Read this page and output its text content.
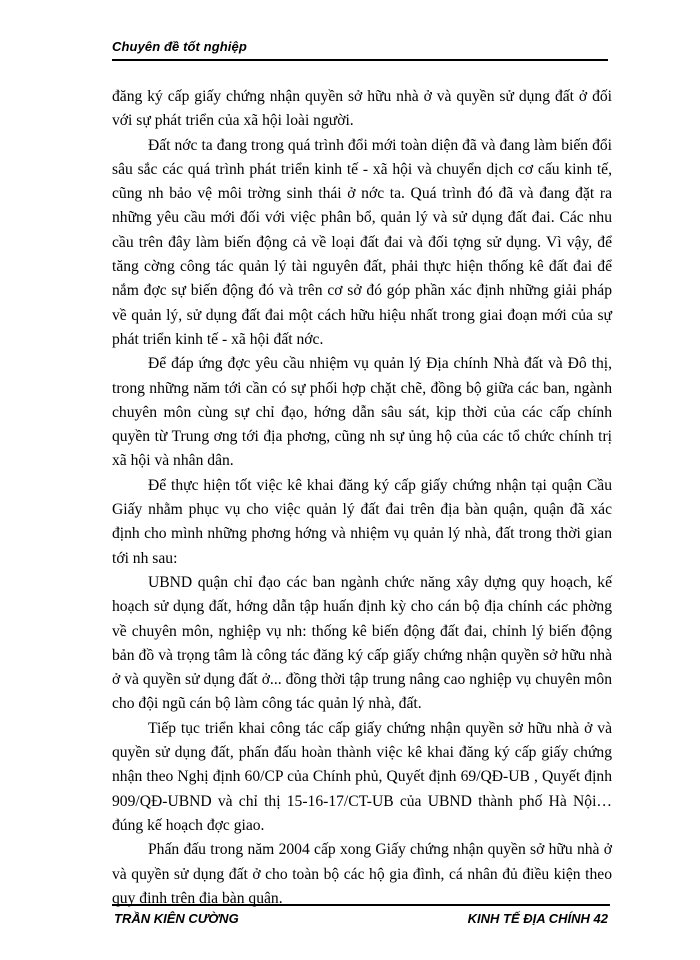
Chuyên đề tốt nghiệp

đăng ký cấp giấy chứng nhận quyền sở hữu nhà ở và quyền sử dụng đất ở đối với sự phát triển của xã hội loài người.

Đất nớc ta đang trong quá trình đổi mới toàn diện đã và đang làm biến đổi sâu sắc các quá trình phát triển kinh tế - xã hội và chuyển dịch cơ cấu kinh tế, cũng nh bảo vệ môi trờng sinh thái ở nớc ta. Quá trình đó đã và đang đặt ra những yêu cầu mới đối với việc phân bổ, quản lý và sử dụng đất đai. Các nhu cầu trên đây làm biến động cả về loại đất đai và đối tợng sử dụng. Vì vậy, để tăng cờng công tác quản lý tài nguyên đất, phải thực hiện thống kê đất đai để nắm đợc sự biến động đó và trên cơ sở đó góp phần xác định những giải pháp về quản lý, sử dụng đất đai một cách hữu hiệu nhất trong giai đoạn mới của sự phát triển kinh tế - xã hội đất nớc.

Để đáp ứng đợc yêu cầu nhiệm vụ quản lý Địa chính Nhà đất và Đô thị, trong những năm tới cần có sự phối hợp chặt chẽ, đồng bộ giữa các ban, ngành chuyên môn cùng sự chỉ đạo, hớng dẫn sâu sát, kịp thời của các cấp chính quyền từ Trung ơng tới địa phơng, cũng nh sự ủng hộ của các tổ chức chính trị xã hội và nhân dân.

Để thực hiện tốt việc kê khai đăng ký cấp giấy chứng nhận tại quận Cầu Giấy nhằm phục vụ cho việc quản lý đất đai trên địa bàn quận, quận đã xác định cho mình những phơng hớng và nhiệm vụ quản lý nhà, đất trong thời gian tới nh sau:

UBND quận chỉ đạo các ban ngành chức năng xây dựng quy hoạch, kế hoạch sử dụng đất, hớng dẫn tập huấn định kỳ cho cán bộ địa chính các phờng về chuyên môn, nghiệp vụ nh: thống kê biến động đất đai, chỉnh lý biến động bản đồ và trọng tâm là công tác đăng ký cấp giấy chứng nhận quyền sở hữu nhà ở và quyền sử dụng đất ở... đồng thời tập trung nâng cao nghiệp vụ chuyên môn cho đội ngũ cán bộ làm công tác quản lý nhà, đất.

Tiếp tục triển khai công tác cấp giấy chứng nhận quyền sở hữu nhà ở và quyền sử dụng đất, phấn đấu hoàn thành việc kê khai đăng ký cấp giấy chứng nhận theo Nghị định 60/CP của Chính phủ, Quyết định 69/QĐ-UB , Quyết định 909/QĐ-UBND và chỉ thị 15-16-17/CT-UB của UBND thành phố Hà Nội… đúng kế hoạch đợc giao.

Phấn đấu trong năm 2004 cấp xong Giấy chứng nhận quyền sở hữu nhà ở và quyền sử dụng đất ở cho toàn bộ các hộ gia đình, cá nhân đủ điều kiện theo quy định trên địa bàn quận.

TRẦN KIÊN CƯỜNG	KINH TẾ ĐỊA CHÍNH 42
